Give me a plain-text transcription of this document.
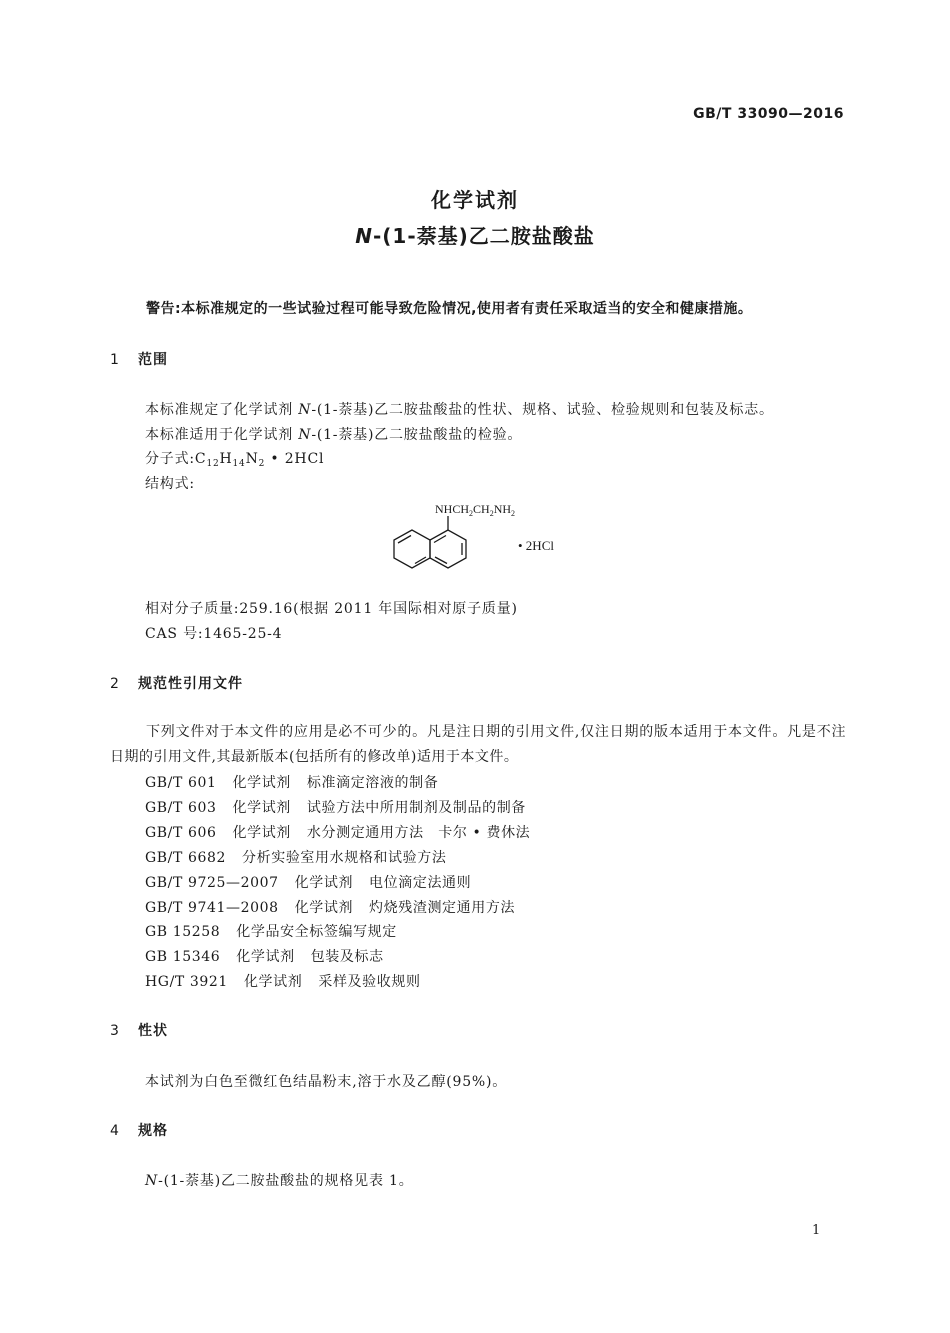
GB/T 33090—2016
化学试剂
N-(1-萘基)乙二胺盐酸盐
警告:本标准规定的一些试验过程可能导致危险情况,使用者有责任采取适当的安全和健康措施。
1 范围
本标准规定了化学试剂 N-(1-萘基)乙二胺盐酸盐的性状、规格、试验、检验规则和包装及标志。
本标准适用于化学试剂 N-(1-萘基)乙二胺盐酸盐的检验。
分子式$:C_{12}H_{14}N_2$ • 2HCl
结构式:
$NHCH_2CH_2NH_2$
• 2HCl
相对分子质量:259.16(根据 2011 年国际相对原子质量)
CAS 号:1465-25-4
2 规范性引用文件
下列文件对于本文件的应用是必不可少的。凡是注日期的引用文件,仅注日期的版本适用于本文件。凡是不注日期的引用文件,其最新版本(包括所有的修改单)适用于本文件。
GB/T 601 化学试剂 标准滴定溶液的制备
GB/T 603 化学试剂 试验方法中所用制剂及制品的制备
GB/T 606 化学试剂 水分测定通用方法　卡尔 • 费休法
GB/T 6682 分析实验室用水规格和试验方法
GB/T 9725—2007 化学试剂 电位滴定法通则
GB/T 9741—2008 化学试剂 灼烧残渣测定通用方法
GB 15258 化学品安全标签编写规定
GB 15346 化学试剂 包装及标志
HG/T 3921 化学试剂 采样及验收规则
3 性状
本试剂为白色至微红色结晶粉末,溶于水及乙醇(95%)。
4 规格
N-(1-萘基)乙二胺盐酸盐的规格见表 1。
1
